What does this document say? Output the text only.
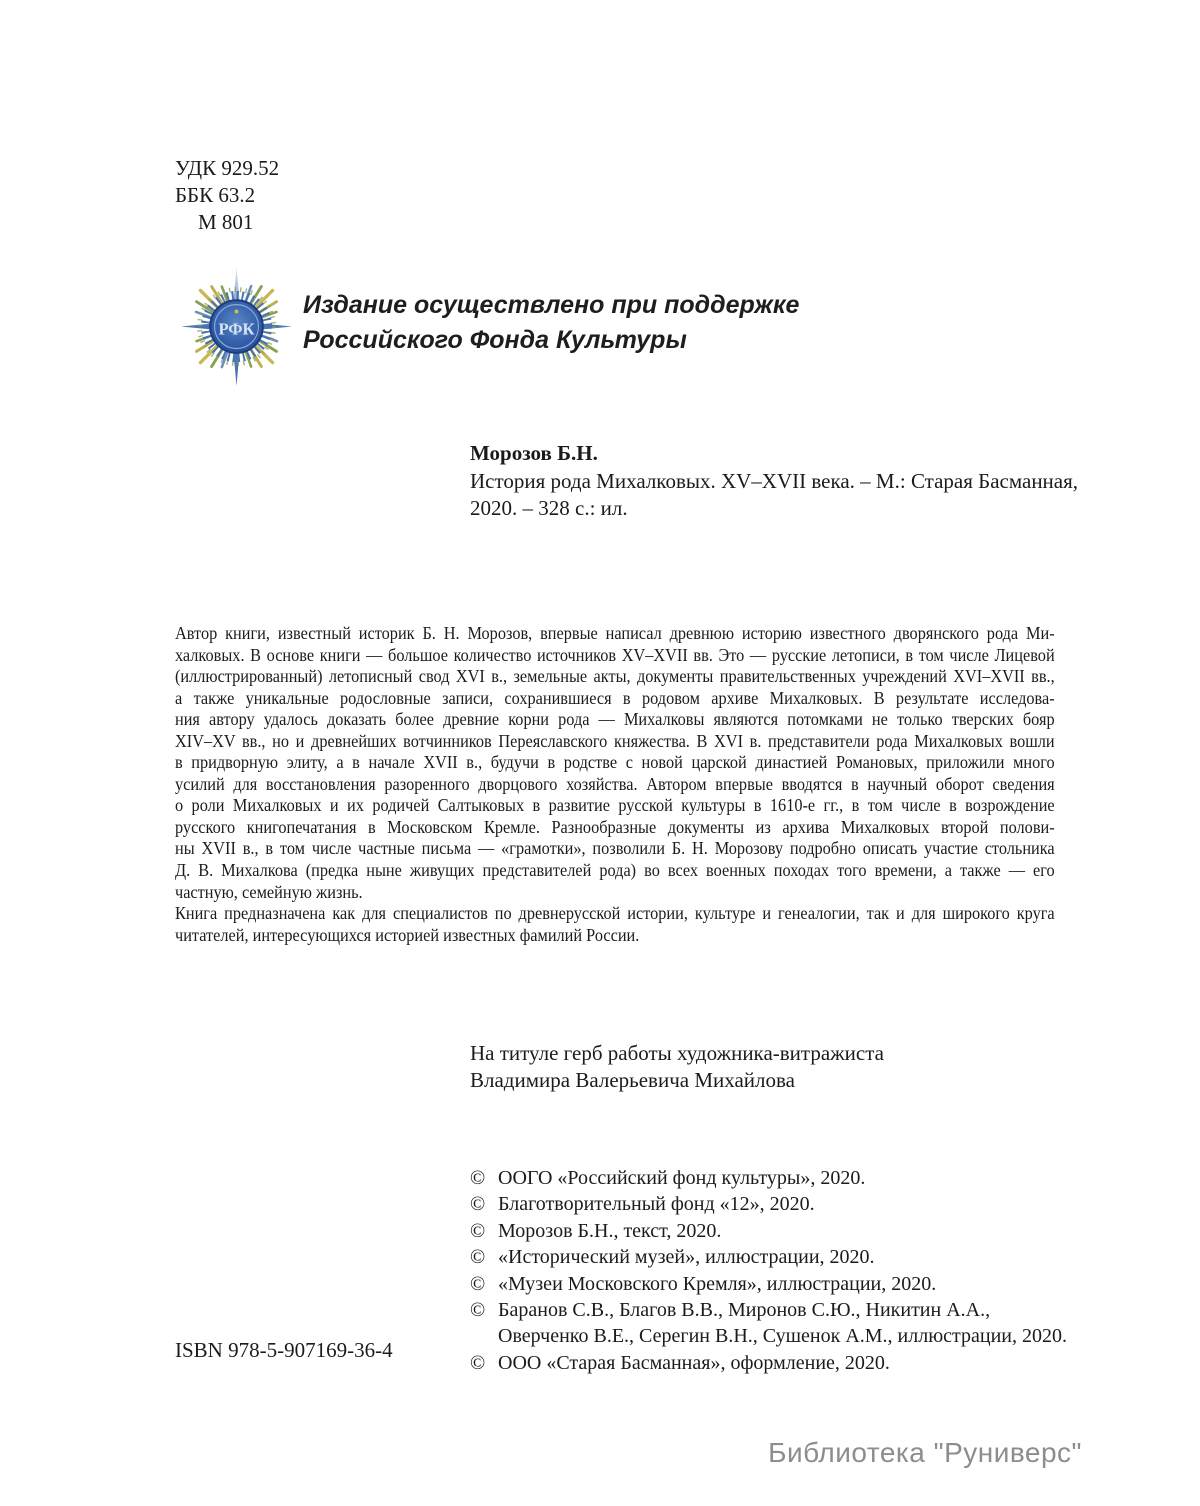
УДК 929.52
ББК 63.2
М 801
РФК
Издание осуществлено при поддержке
Российского Фонда Культуры
Морозов Б.Н.
История рода Михалковых. XV–XVII века. – М.: Старая Басманная,
2020. – 328 с.: ил.
Автор книги, известный историк Б. Н. Морозов, впервые написал древнюю историю известного дворянского рода Ми-
халковых. В основе книги — большое количество источников XV–XVII вв. Это — русские летописи, в том числе Лицевой
(иллюстрированный) летописный свод XVI в., земельные акты, документы правительственных учреждений XVI–XVII вв.,
а также уникальные родословные записи, сохранившиеся в родовом архиве Михалковых. В результате исследова-
ния автору удалось доказать более древние корни рода — Михалковы являются потомками не только тверских бояр
XIV–XV вв., но и древнейших вотчинников Переяславского княжества. В XVI в. представители рода Михалковых вошли
в придворную элиту, а в начале XVII в., будучи в родстве с новой царской династией Романовых, приложили много
усилий для восстановления разоренного дворцового хозяйства. Автором впервые вводятся в научный оборот сведения
о роли Михалковых и их родичей Салтыковых в развитие русской культуры в 1610-е гг., в том числе в возрождение
русского книгопечатания в Московском Кремле. Разнообразные документы из архива Михалковых второй полови-
ны XVII в., в том числе частные письма — «грамотки», позволили Б. Н. Морозову подробно описать участие стольника
Д. В. Михалкова (предка ныне живущих представителей рода) во всех военных походах того времени, а также — его
частную, семейную жизнь.
Книга предназначена как для специалистов по древнерусской истории, культуре и генеалогии, так и для широкого круга
читателей, интересующихся историей известных фамилий России.
На титуле герб работы художника-витражиста
Владимира Валерьевича Михайлова
© ООГО «Российский фонд культуры», 2020.
© Благотворительный фонд «12», 2020.
© Морозов Б.Н., текст, 2020.
© «Исторический музей», иллюстрации, 2020.
© «Музеи Московского Кремля», иллюстрации, 2020.
© Баранов С.В., Благов В.В., Миронов С.Ю., Никитин А.А.,
Оверченко В.Е., Серегин В.Н., Сушенок А.М., иллюстрации, 2020.
© ООО «Старая Басманная», оформление, 2020.
ISBN 978-5-907169-36-4
Библиотека "Руниверс"
